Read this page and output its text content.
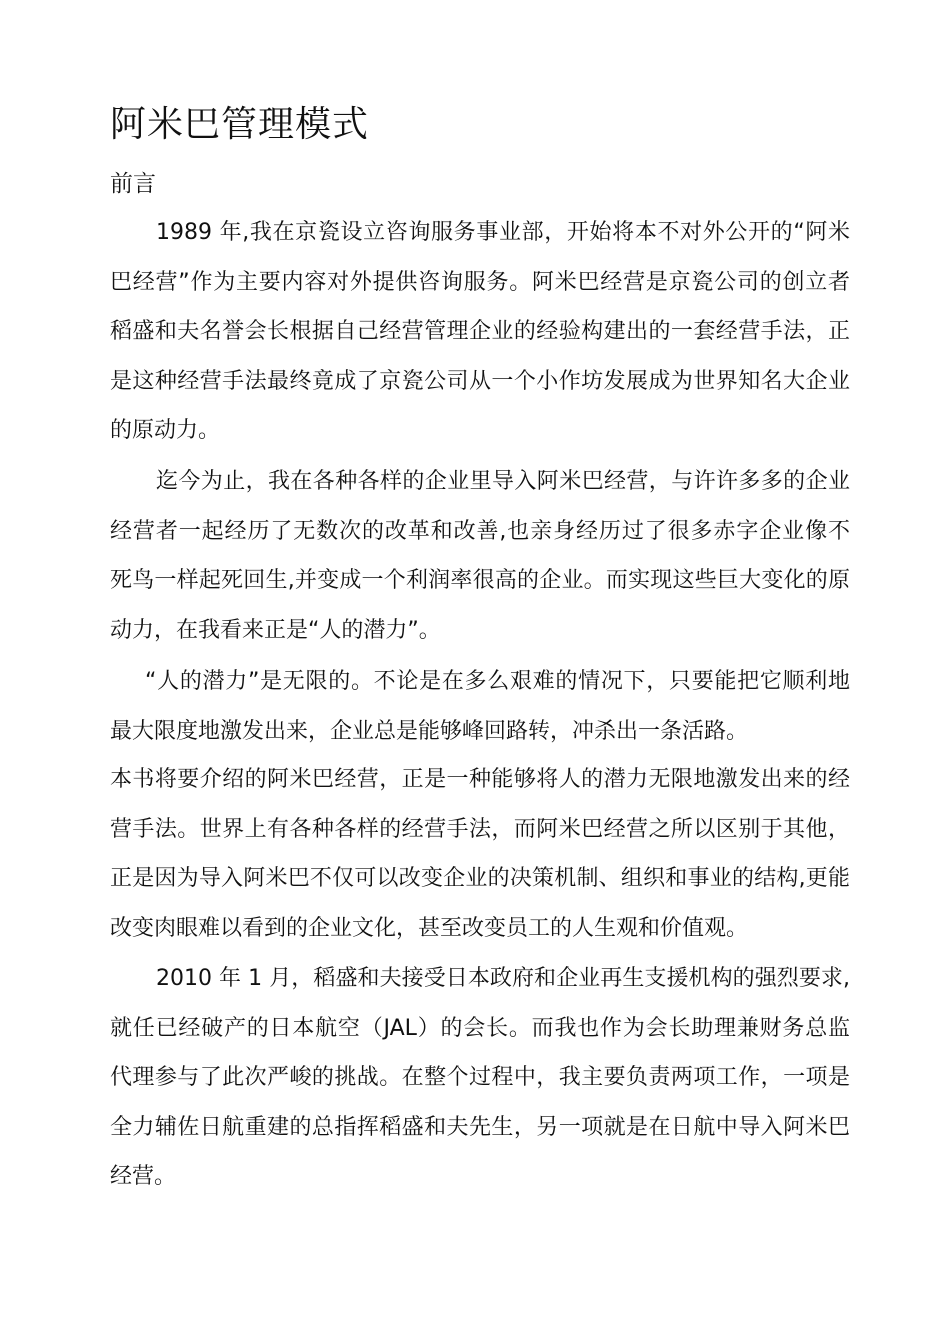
阿米巴管理模式
前言
1989 年,我在京瓷设立咨询服务事业部，开始将本不对外公开的“阿米
巴经营”作为主要内容对外提供咨询服务。阿米巴经营是京瓷公司的创立者
稻盛和夫名誉会长根据自己经营管理企业的经验构建出的一套经营手法，正
是这种经营手法最终竟成了京瓷公司从一个小作坊发展成为世界知名大企业
的原动力。
迄今为止，我在各种各样的企业里导入阿米巴经营，与许许多多的企业
经营者一起经历了无数次的改革和改善,也亲身经历过了很多赤字企业像不
死鸟一样起死回生,并变成一个利润率很高的企业。而实现这些巨大变化的原
动力，在我看来正是“人的潜力”。
“人的潜力”是无限的。不论是在多么艰难的情况下，只要能把它顺利地
最大限度地激发出来，企业总是能够峰回路转，冲杀出一条活路。
本书将要介绍的阿米巴经营，正是一种能够将人的潜力无限地激发出来的经
营手法。世界上有各种各样的经营手法，而阿米巴经营之所以区别于其他，
正是因为导入阿米巴不仅可以改变企业的决策机制、组织和事业的结构,更能
改变肉眼难以看到的企业文化，甚至改变员工的人生观和价值观。
2010 年 1 月，稻盛和夫接受日本政府和企业再生支援机构的强烈要求,
就任已经破产的日本航空（JAL）的会长。而我也作为会长助理兼财务总监
代理参与了此次严峻的挑战。在整个过程中，我主要负责两项工作，一项是
全力辅佐日航重建的总指挥稻盛和夫先生，另一项就是在日航中导入阿米巴
经营。
